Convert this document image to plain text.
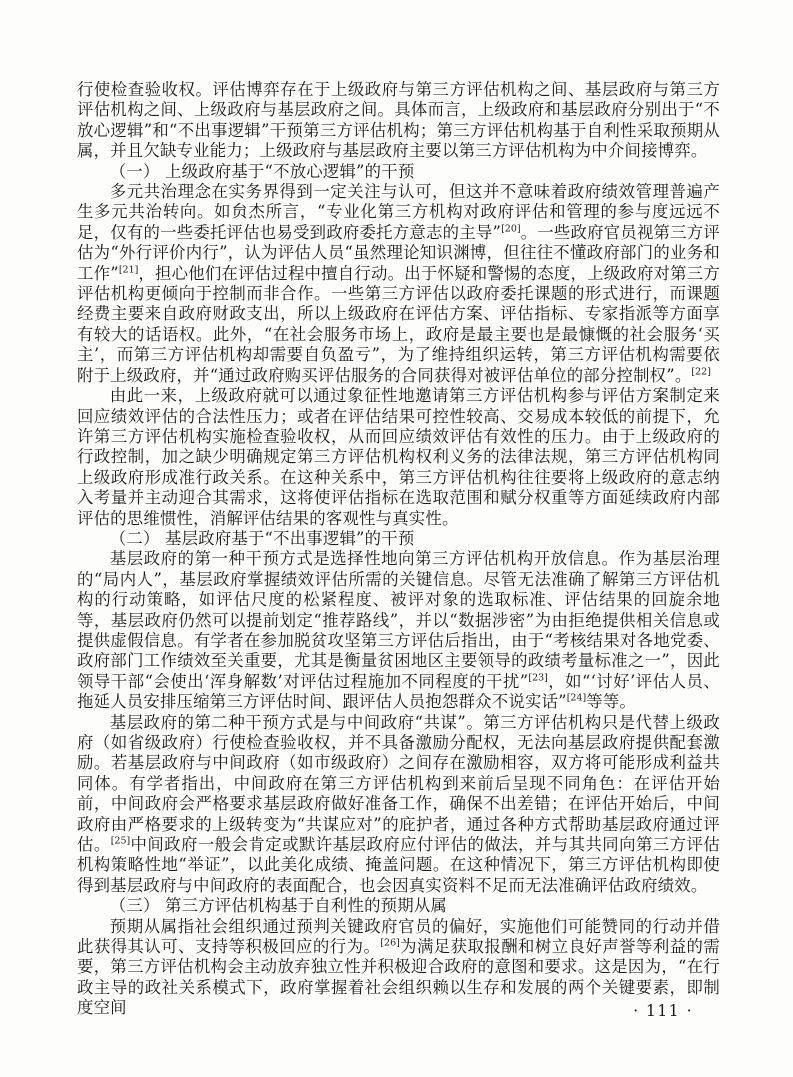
行使检查验收权。评估博弈存在于上级政府与第三方评估机构之间、基层政府与第三方评估机构之间、上级政府与基层政府之间。具体而言，上级政府和基层政府分别出于“不放心逻辑”和“不出事逻辑”干预第三方评估机构；第三方评估机构基于自利性采取预期从属，并且欠缺专业能力；上级政府与基层政府主要以第三方评估机构为中介间接博弈。

（一） 上级政府基于“不放心逻辑”的干预

多元共治理念在实务界得到一定关注与认可，但这并不意味着政府绩效管理普遍产生多元共治转向。如贠杰所言，“专业化第三方机构对政府评估和管理的参与度远远不足，仅有的一些委托评估也易受到政府委托方意志的主导”[20]。一些政府官员视第三方评估为“外行评价内行”，认为评估人员“虽然理论知识渊博，但往往不懂政府部门的业务和工作”[21]，担心他们在评估过程中擅自行动。出于怀疑和警惕的态度，上级政府对第三方评估机构更倾向于控制而非合作。一些第三方评估以政府委托课题的形式进行，而课题经费主要来自政府财政支出，所以上级政府在评估方案、评估指标、专家指派等方面享有较大的话语权。此外，“在社会服务市场上，政府是最主要也是最慷慨的社会服务‘买主’，而第三方评估机构却需要自负盈亏”，为了维持组织运转，第三方评估机构需要依附于上级政府，并“通过政府购买评估服务的合同获得对被评估单位的部分控制权”。[22]

由此一来，上级政府就可以通过象征性地邀请第三方评估机构参与评估方案制定来回应绩效评估的合法性压力；或者在评估结果可控性较高、交易成本较低的前提下，允许第三方评估机构实施检查验收权，从而回应绩效评估有效性的压力。由于上级政府的行政控制，加之缺少明确规定第三方评估机构权利义务的法律法规，第三方评估机构同上级政府形成准行政关系。在这种关系中，第三方评估机构往往要将上级政府的意志纳入考量并主动迎合其需求，这将使评估指标在选取范围和赋分权重等方面延续政府内部评估的思维惯性，消解评估结果的客观性与真实性。

（二） 基层政府基于“不出事逻辑”的干预

基层政府的第一种干预方式是选择性地向第三方评估机构开放信息。作为基层治理的“局内人”，基层政府掌握绩效评估所需的关键信息。尽管无法准确了解第三方评估机构的行动策略，如评估尺度的松紧程度、被评对象的选取标准、评估结果的回旋余地等，基层政府仍然可以提前划定“推荐路线”，并以“数据涉密”为由拒绝提供相关信息或提供虚假信息。有学者在参加脱贫攻坚第三方评估后指出，由于“考核结果对各地党委、政府部门工作绩效至关重要，尤其是衡量贫困地区主要领导的政绩考量标准之一”，因此领导干部“会使出‘浑身解数’对评估过程施加不同程度的干扰”[23]，如“‘讨好’评估人员、拖延人员安排压缩第三方评估时间、跟评估人员抱怨群众不说实话”[24]等等。

基层政府的第二种干预方式是与中间政府“共谋”。第三方评估机构只是代替上级政府（如省级政府）行使检查验收权，并不具备激励分配权，无法向基层政府提供配套激励。若基层政府与中间政府（如市级政府）之间存在激励相容，双方将可能形成利益共同体。有学者指出，中间政府在第三方评估机构到来前后呈现不同角色：在评估开始前，中间政府会严格要求基层政府做好准备工作，确保不出差错；在评估开始后，中间政府由严格要求的上级转变为“共谋应对”的庇护者，通过各种方式帮助基层政府通过评估。[25]中间政府一般会肯定或默许基层政府应付评估的做法，并与其共同向第三方评估机构策略性地“举证”，以此美化成绩、掩盖问题。在这种情况下，第三方评估机构即使得到基层政府与中间政府的表面配合，也会因真实资料不足而无法准确评估政府绩效。

（三） 第三方评估机构基于自利性的预期从属

预期从属指社会组织通过预判关键政府官员的偏好，实施他们可能赞同的行动并借此获得其认可、支持等积极回应的行为。[26]为满足获取报酬和树立良好声誉等利益的需要，第三方评估机构会主动放弃独立性并积极迎合政府的意图和要求。这是因为，“在行政主导的政社关系模式下，政府掌握着社会组织赖以生存和发展的两个关键要素，即制度空间	· 111 ·
